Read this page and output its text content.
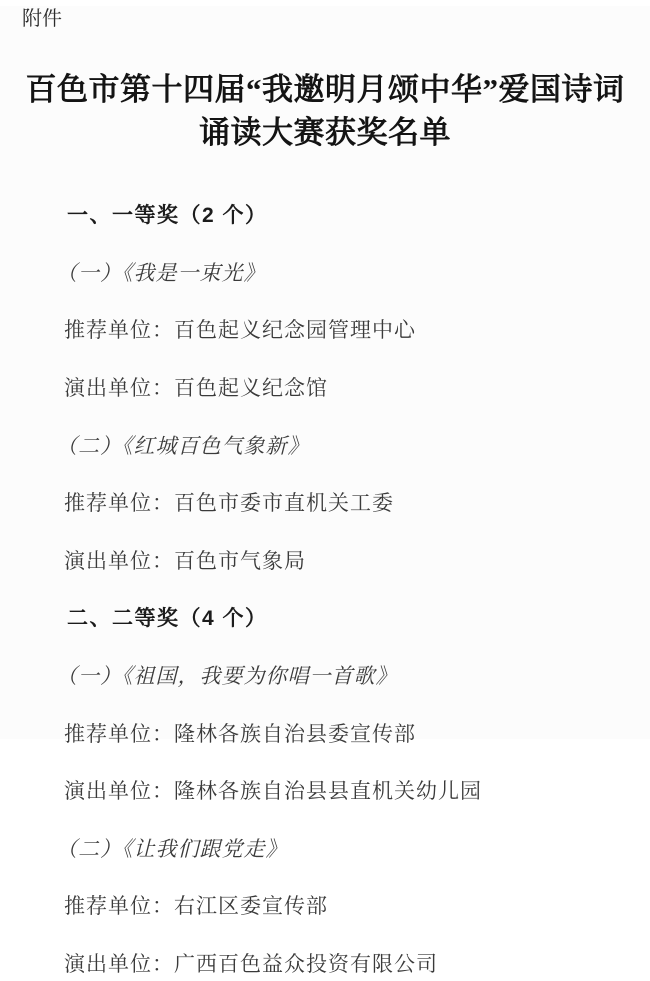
附件

百色市第十四届“我邀明月颂中华”爱国诗词
诵读大赛获奖名单

一、一等奖（2 个）

（一）《我是一束光》

推荐单位：百色起义纪念园管理中心

演出单位：百色起义纪念馆

（二）《红城百色气象新》

推荐单位：百色市委市直机关工委

演出单位：百色市气象局

二、二等奖（4 个）

（一）《祖国，我要为你唱一首歌》

推荐单位：隆林各族自治县委宣传部

演出单位：隆林各族自治县县直机关幼儿园

（二）《让我们跟党走》

推荐单位：右江区委宣传部

演出单位：广西百色益众投资有限公司
